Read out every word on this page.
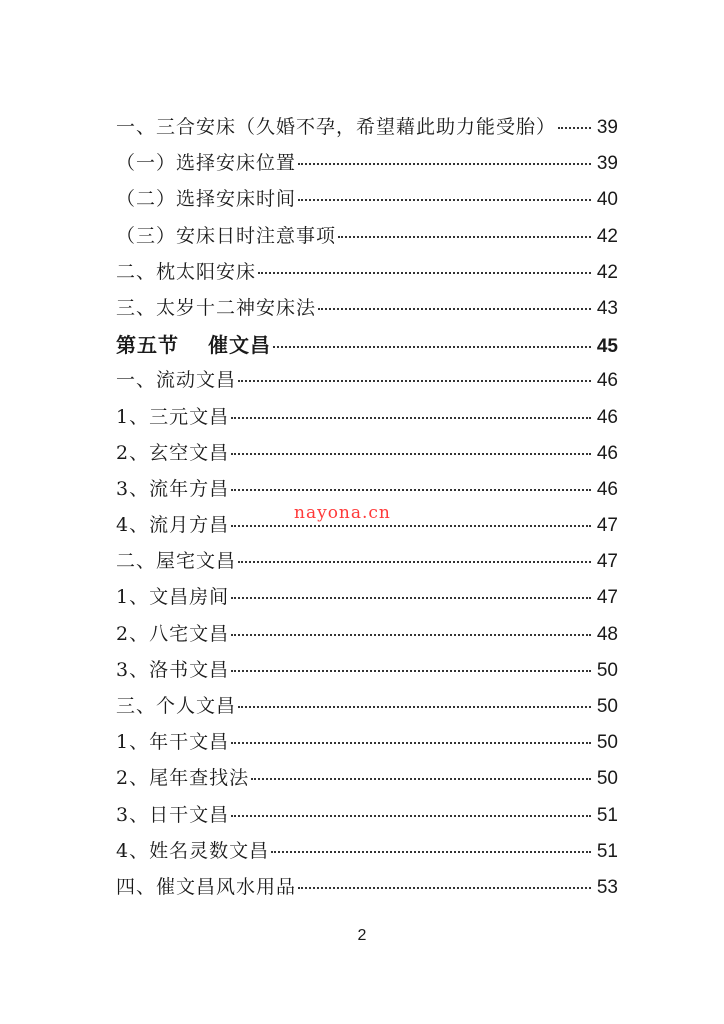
一、三合安床（久婚不孕，希望藉此助力能受胎） 39
（一）选择安床位置	39
（二）选择安床时间	40
（三）安床日时注意事项	42
二、枕太阳安床	42
三、太岁十二神安床法	43
第五节　 催文昌	45
一、流动文昌	46
1、三元文昌	46
2、玄空文昌	46
3、流年方昌	46
4、流月方昌	47
二、屋宅文昌	47
1、文昌房间	47
2、八宅文昌	48
3、洛书文昌	50
三、个人文昌	50
1、年干文昌	50
2、尾年查找法	50
3、日干文昌	51
4、姓名灵数文昌	51
四、催文昌风水用品	53
nayona.cn
2
